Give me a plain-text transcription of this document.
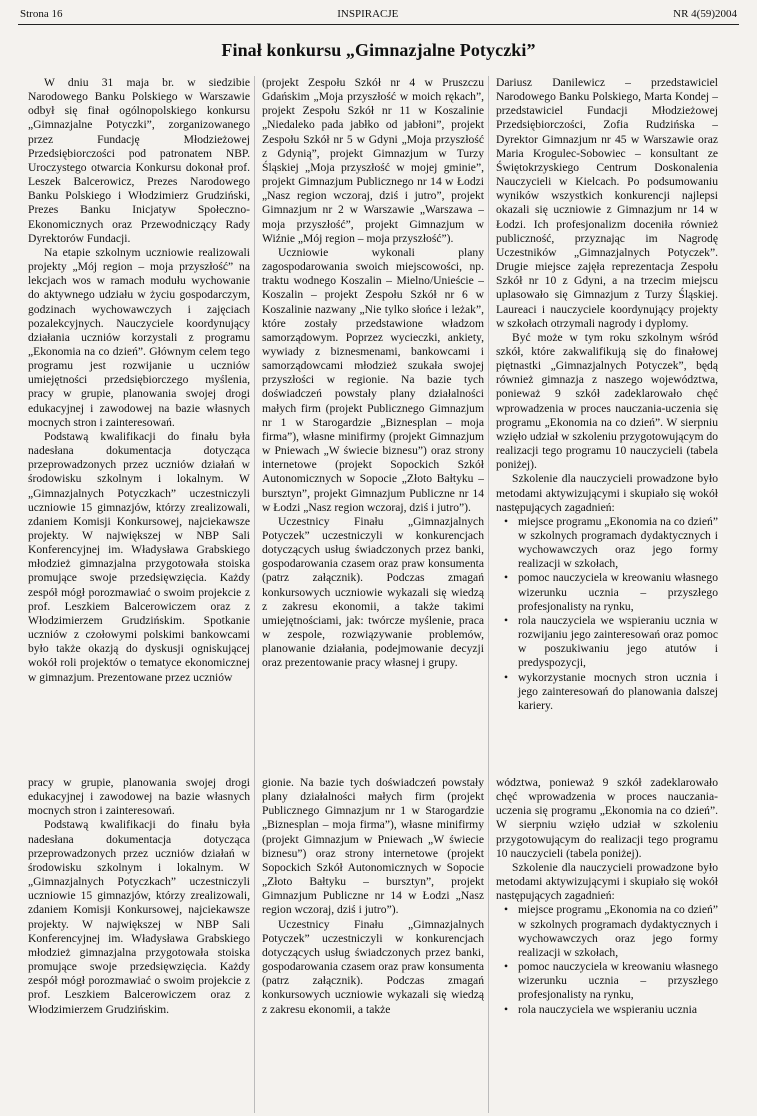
Strona 16	INSPIRACJE	NR 4(59)2004
Finał konkursu „Gimnazjalne Potyczki”

W dniu 31 maja br. w siedzibie Narodowego Banku Polskiego w Warszawie odbył się finał ogólnopolskiego konkursu „Gimnazjalne Potyczki”, zorganizowanego przez Fundację Młodzieżowej Przedsiębiorczości pod patronatem NBP. Uroczystego otwarcia Konkursu dokonał prof. Leszek Balcerowicz, Prezes Narodowego Banku Polskiego i Włodzimierz Grudziński, Prezes Banku Inicjatyw Społeczno-Ekonomicznych oraz Przewodniczący Rady Dyrektorów Fundacji.

Na etapie szkolnym uczniowie realizowali projekty „Mój region – moja przyszłość” na lekcjach wos w ramach modułu wychowanie do aktywnego udziału w życiu gospodarczym, godzinach wychowawczych i zajęciach pozalekcyjnych. Nauczyciele koordynujący działania uczniów korzystali z programu „Ekonomia na co dzień”. Głównym celem tego programu jest rozwijanie u uczniów umiejętności przedsiębiorczego myślenia, pracy w grupie, planowania swojej drogi edukacyjnej i zawodowej na bazie własnych mocnych stron i zainteresowań.

Podstawą kwalifikacji do finału była nadesłana dokumentacja dotycząca przeprowadzonych przez uczniów działań w środowisku szkolnym i lokalnym. W „Gimnazjalnych Potyczkach” uczestniczyli uczniowie 15 gimnazjów, którzy zrealizowali, zdaniem Komisji Konkursowej, najciekawsze projekty. W największej w NBP Sali Konferencyjnej im. Władysława Grabskiego młodzież gimnazjalna przygotowała stoiska promujące swoje przedsięwzięcia. Każdy zespół mógł porozmawiać o swoim projekcie z prof. Leszkiem Balcerowiczem oraz z Włodzimierzem Grudzińskim. Spotkanie uczniów z czołowymi polskimi bankowcami było także okazją do dyskusji ogniskującej wokół roli projektów o tematyce ekonomicznej w gimnazjum. Prezentowane przez uczniów

pracy w grupie, planowania swojej drogi edukacyjnej i zawodowej na bazie własnych mocnych stron i zainteresowań.

Podstawą kwalifikacji do finału była nadesłana dokumentacja dotycząca przeprowadzonych przez uczniów działań w środowisku szkolnym i lokalnym. W „Gimnazjalnych Potyczkach” uczestniczyli uczniowie 15 gimnazjów, którzy zrealizowali, zdaniem Komisji Konkursowej, najciekawsze projekty. W największej w NBP Sali Konferencyjnej im. Władysława Grabskiego młodzież gimnazjalna przygotowała stoiska promujące swoje przedsięwzięcia. Każdy zespół mógł porozmawiać o swoim projekcie z prof. Leszkiem Balcerowiczem oraz z Włodzimierzem Grudzińskim.

(projekt Zespołu Szkół nr 4 w Pruszczu Gdańskim „Moja przyszłość w moich rękach”, projekt Zespołu Szkół nr 11 w Koszalinie „Niedaleko pada jabłko od jabłoni”, projekt Zespołu Szkół nr 5 w Gdyni „Moja przyszłość z Gdynią”, projekt Gimnazjum w Turzy Śląskiej „Moja przyszłość w mojej gminie”, projekt Gimnazjum Publicznego nr 14 w Łodzi „Nasz region wczoraj, dziś i jutro”, projekt Gimnazjum nr 2 w Warszawie „Warszawa – moja przyszłość”, projekt Gimnazjum w Wiźnie „Mój region – moja przyszłość”).

Uczniowie wykonali plany zagospodarowania swoich miejscowości, np. traktu wodnego Koszalin – Mielno/Unieście – Koszalin – projekt Zespołu Szkół nr 6 w Koszalinie nazwany „Nie tylko słońce i leżak”, które zostały przedstawione władzom samorządowym. Poprzez wycieczki, ankiety, wywiady z biznesmenami, bankowcami i samorządowcami młodzież szukała swojej przyszłości w regionie. Na bazie tych doświadczeń powstały plany działalności małych firm (projekt Publicznego Gimnazjum nr 1 w Starogardzie „Biznesplan – moja firma”), własne minifirmy (projekt Gimnazjum w Pniewach „W świecie biznesu”) oraz strony internetowe (projekt Sopockich Szkół Autonomicznych w Sopocie „Złoto Bałtyku – bursztyn”, projekt Gimnazjum Publiczne nr 14 w Łodzi „Nasz region wczoraj, dziś i jutro”).

Uczestnicy Finału „Gimnazjalnych Potyczek” uczestniczyli w konkurencjach dotyczących usług świadczonych przez banki, gospodarowania czasem oraz praw konsumenta (patrz załącznik). Podczas zmagań konkursowych uczniowie wykazali się wiedzą z zakresu ekonomii, a także takimi umiejętnościami, jak: twórcze myślenie, praca w zespole, rozwiązywanie problemów, planowanie działania, podejmowanie decyzji oraz prezentowanie pracy własnej i grupy.

gionie. Na bazie tych doświadczeń powstały plany działalności małych firm (projekt Publicznego Gimnazjum nr 1 w Starogardzie „Biznesplan – moja firma”), własne minifirmy (projekt Gimnazjum w Pniewach „W świecie biznesu”) oraz strony internetowe (projekt Sopockich Szkół Autonomicznych w Sopocie „Złoto Bałtyku – bursztyn”, projekt Gimnazjum Publiczne nr 14 w Łodzi „Nasz region wczoraj, dziś i jutro”).

Uczestnicy Finału „Gimnazjalnych Potyczek” uczestniczyli w konkurencjach dotyczących usług świadczonych przez banki, gospodarowania czasem oraz praw konsumenta (patrz załącznik). Podczas zmagań konkursowych uczniowie wykazali się wiedzą z zakresu ekonomii, a także

Dariusz Danilewicz – przedstawiciel Narodowego Banku Polskiego, Marta Kondej – przedstawiciel Fundacji Młodzieżowej Przedsiębiorczości, Zofia Rudzińska – Dyrektor Gimnazjum nr 45 w Warszawie oraz Maria Krogulec-Sobowiec – konsultant ze Świętokrzyskiego Centrum Doskonalenia Nauczycieli w Kielcach. Po podsumowaniu wyników wszystkich konkurencji najlepsi okazali się uczniowie z Gimnazjum nr 14 w Łodzi. Ich profesjonalizm doceniła również publiczność, przyznając im Nagrodę Uczestników „Gimnazjalnych Potyczek”. Drugie miejsce zajęła reprezentacja Zespołu Szkół nr 10 z Gdyni, a na trzecim miejscu uplasowało się Gimnazjum z Turzy Śląskiej. Laureaci i nauczyciele koordynujący projekty w szkołach otrzymali nagrody i dyplomy.

Być może w tym roku szkolnym wśród szkół, które zakwalifikują się do finałowej piętnastki „Gimnazjalnych Potyczek”, będą również gimnazja z naszego województwa, ponieważ 9 szkół zadeklarowało chęć wprowadzenia w proces nauczania-uczenia się programu „Ekonomia na co dzień”. W sierpniu wzięło udział w szkoleniu przygotowującym do realizacji tego programu 10 nauczycieli (tabela poniżej).

Szkolenie dla nauczycieli prowadzone było metodami aktywizującymi i skupiało się wokół następujących zagadnień:

• miejsce programu „Ekonomia na co dzień” w szkolnych programach dydaktycznych i wychowawczych oraz jego formy realizacji w szkołach,
• pomoc nauczyciela w kreowaniu własnego wizerunku ucznia – przyszłego profesjonalisty na rynku,
• rola nauczyciela we wspieraniu ucznia w rozwijaniu jego zainteresowań oraz pomoc w poszukiwaniu jego atutów i predyspozycji,
• wykorzystanie mocnych stron ucznia i jego zainteresowań do planowania dalszej kariery.

wództwa, ponieważ 9 szkół zadeklarowało chęć wprowadzenia w proces nauczania-uczenia się programu „Ekonomia na co dzień”. W sierpniu wzięło udział w szkoleniu przygotowującym do realizacji tego programu 10 nauczycieli (tabela poniżej).

Szkolenie dla nauczycieli prowadzone było metodami aktywizującymi i skupiało się wokół następujących zagadnień:

• miejsce programu „Ekonomia na co dzień” w szkolnych programach dydaktycznych i wychowawczych oraz jego formy realizacji w szkołach,
• pomoc nauczyciela w kreowaniu własnego wizerunku ucznia – przyszłego profesjonalisty na rynku,
• rola nauczyciela we wspieraniu ucznia
